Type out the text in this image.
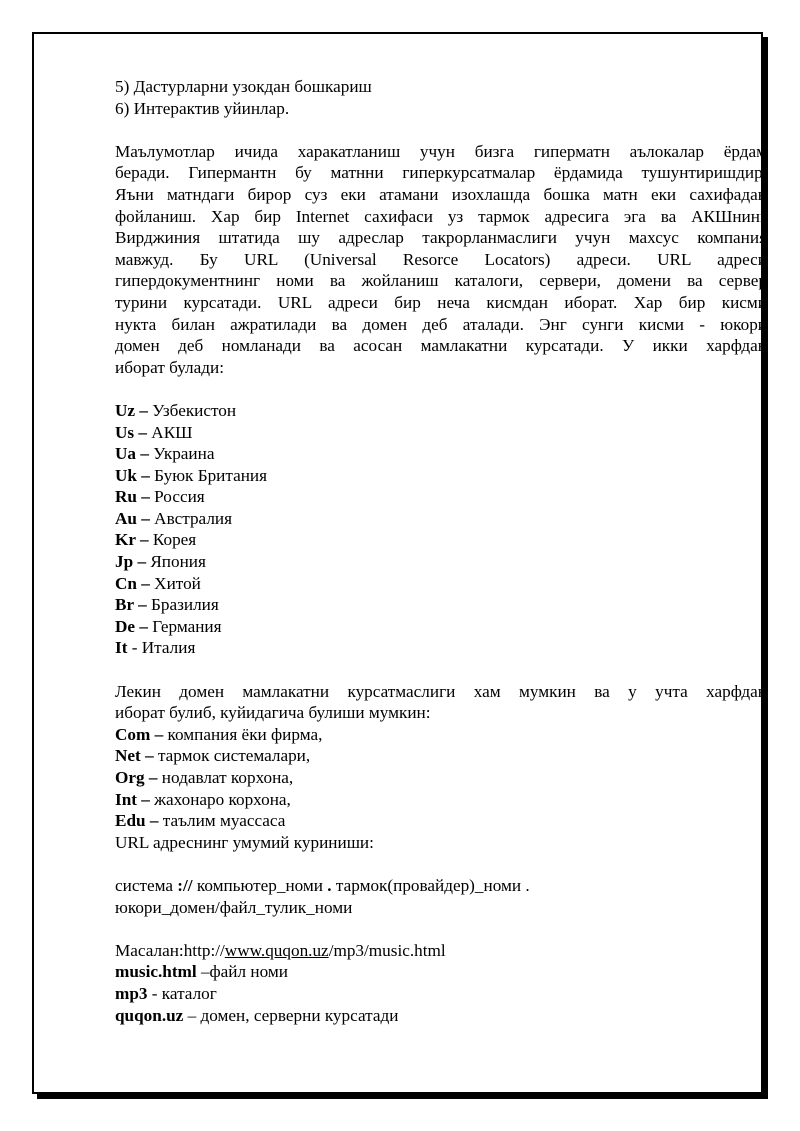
5) Дастурларни узокдан бошкариш
6) Интерактив уйинлар.
Маълумотлар ичида харакатланиш учун бизга гиперматн аълокалар ёрдам
беради. Гипермантн бу матнни гиперкурсатмалар ёрдамида тушунтиришдир.
Яъни матндаги бирор суз еки атамани изохлашда бошка матн еки сахифадан
фойланиш. Хар бир Internet сахифаси уз тармок адресига эга ва АКШнинг
Вирджиния штатида шу адреслар такрорланмаслиги учун махсус компания
мавжуд. Бу URL (Universal Resorce Locators) адреси. URL адреси
гипердокументнинг номи ва жойланиш каталоги, сервери, домени ва сервер
турини курсатади. URL адреси бир неча кисмдан иборат. Хар бир кисми
нукта билан ажратилади ва домен деб аталади. Энг сунги кисми - юкори
домен деб номланади ва асосан мамлакатни курсатади. У икки харфдан
иборат булади:
Uz – Узбекистон
Us – АКШ
Ua – Украина
Uk – Буюк Британия
Ru – Россия
Au – Австралия
Kr – Корея
Jp – Япония
Cn – Хитой
Br – Бразилия
De – Германия
It - Италия
Лекин домен мамлакатни курсатмаслиги хам мумкин ва у учта харфдан
иборат булиб, куйидагича булиши мумкин:
Com – компания ёки фирма,
Net – тармок системалари,
Org – нодавлат корхона,
Int – жахонаро корхона,
Edu – таълим муассаса
URL адреснинг умумий куриниши:
система :// компьютер_номи . тармок(провайдер)_номи .
юкори_домен/файл_тулик_номи
Масалан:http://www.quqon.uz/mp3/music.html
music.html –файл номи
mp3 - каталог
quqon.uz – домен, серверни курсатади
